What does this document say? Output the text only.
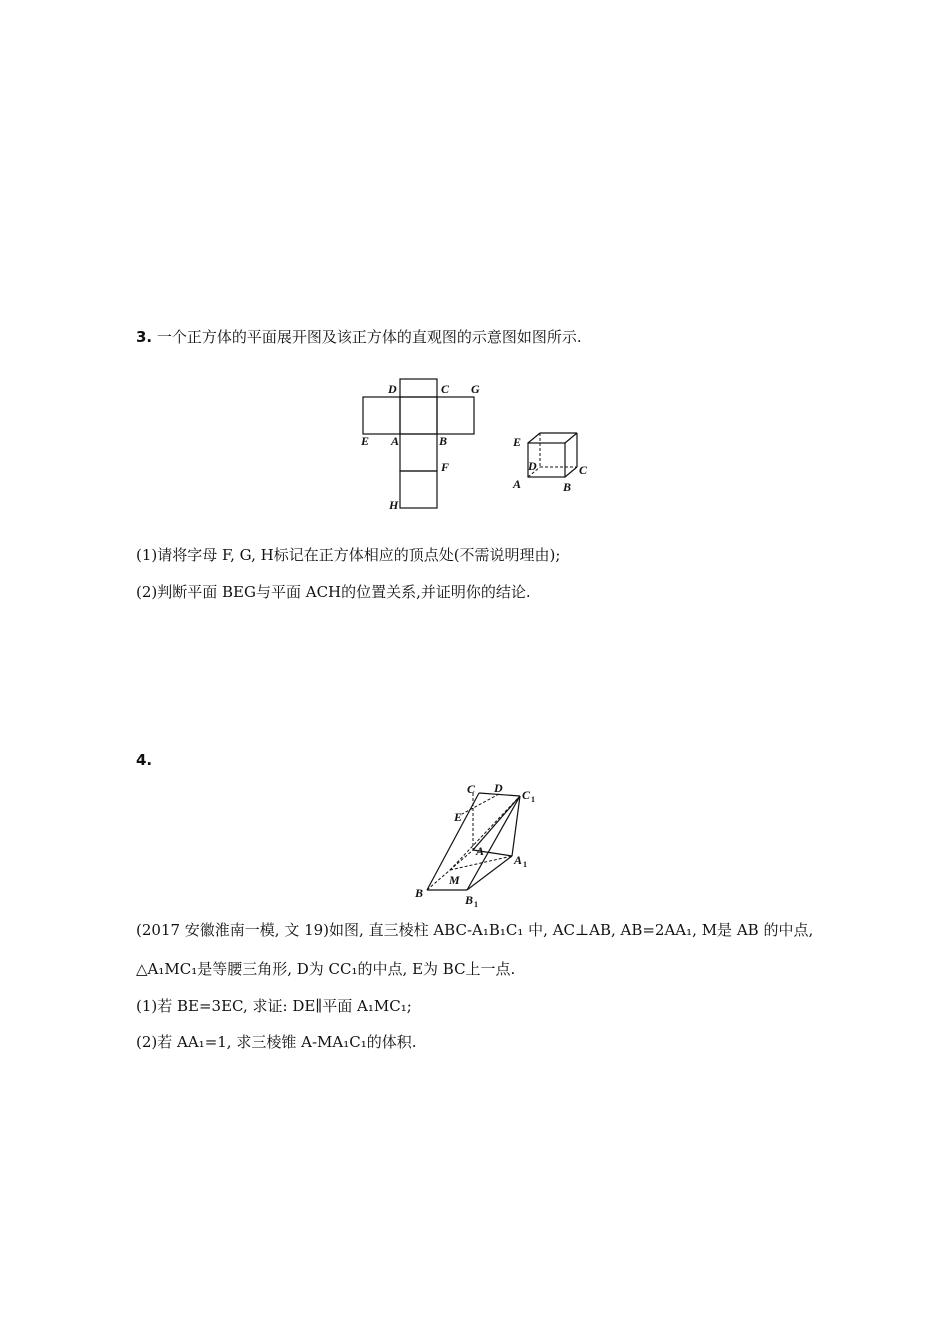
3. 一个正方体的平面展开图及该正方体的直观图的示意图如图所示.
D	C G
E A	B
F
H
E
D	C
A	B
(1)请将字母 F, G, H标记在正方体相应的顶点处(不需说明理由);
(2)判断平面 BEG与平面 ACH的位置关系,并证明你的结论.
4.
C D C 1
E
A
A 1
M
B	B 1
(2017 安徽淮南一模, 文 19)如图, 直三棱柱 ABC-A₁B₁C₁ 中, AC⊥AB, AB=2AA₁, M是 AB 的中点,
△A₁MC₁是等腰三角形, D为 CC₁的中点, E为 BC上一点.
(1)若 BE=3EC, 求证: DE∥平面 A₁MC₁;
(2)若 AA₁=1, 求三棱锥 A-MA₁C₁的体积.
